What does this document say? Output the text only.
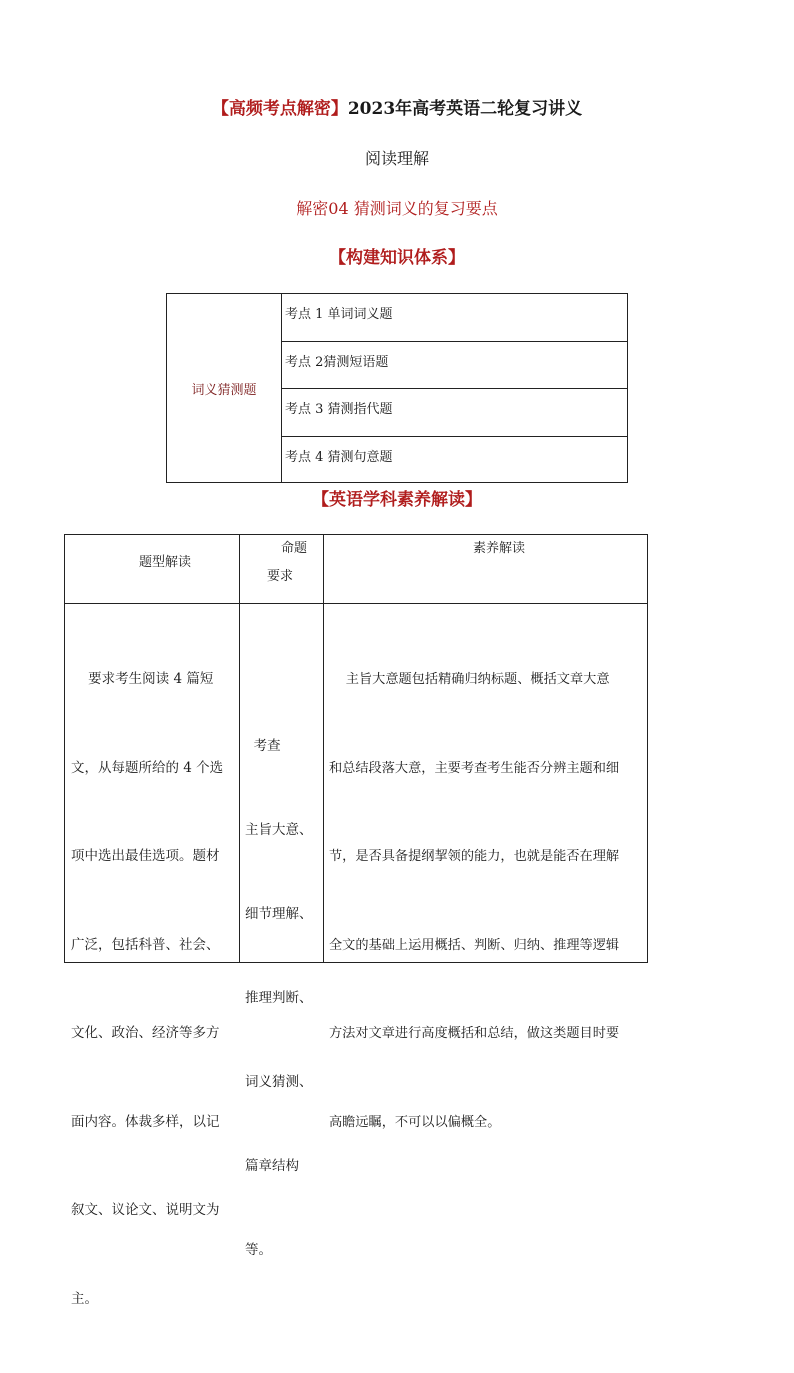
【高频考点解密】2023年高考英语二轮复习讲义
阅读理解
解密04 猜测词义的复习要点
【构建知识体系】
词义猜测题
考点 1 单词词义题
考点 2猜测短语题
考点 3 猜测指代题
考点 4 猜测句意题
【英语学科素养解读】
题型解读
命题
要求
素养解读

要求考生阅读 4 篇短

文，从每题所给的 4 个选

项中选出最佳选项。题材

广泛，包括科普、社会、

文化、政治、经济等多方

面内容。体裁多样，以记

叙文、议论文、说明文为

主。

考查

主旨大意、

细节理解、

推理判断、

词义猜测、

篇章结构

等。

主旨大意题包括精确归纳标题、概括文章大意

和总结段落大意，主要考查考生能否分辨主题和细

节，是否具备提纲挈领的能力，也就是能否在理解

全文的基础上运用概括、判断、归纳、推理等逻辑

方法对文章进行高度概括和总结，做这类题目时要

高瞻远瞩，不可以以偏概全。
